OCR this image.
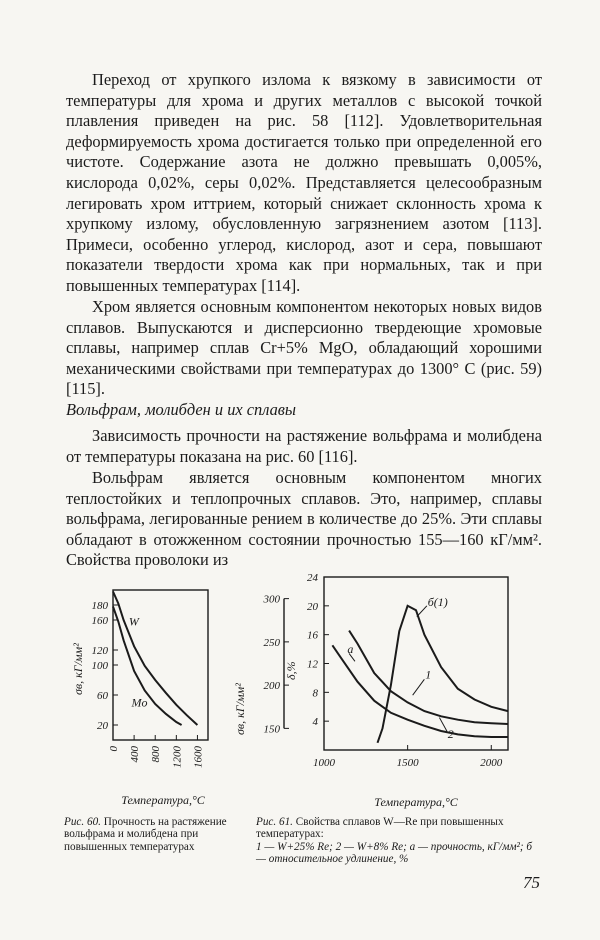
Переход от хрупкого излома к вязкому в зависимости от температуры для хрома и других металлов с высокой точкой плавления приведен на рис. 58 [112]. Удовлетворительная деформируемость хрома достигается только при определенной его чистоте. Содержание азота не должно превышать 0,005%, кислорода 0,02%, серы 0,02%. Представляется целесообразным легировать хром иттрием, который снижает склонность хрома к хрупкому излому, обусловленную загрязнением азотом [113]. Примеси, особенно углерод, кислород, азот и сера, повышают показатели твердости хрома как при нормальных, так и при повышенных температурах [114].

Хром является основным компонентом некоторых новых видов сплавов. Выпускаются и дисперсионно твердеющие хромовые сплавы, например сплав Cr+5% MgO, обладающий хорошими механическими свойствами при температурах до 1300° C (рис. 59) [115].

Вольфрам, молибден и их сплавы

Зависимость прочности на растяжение вольфрама и молибдена от температуры показана на рис. 60 [116].

Вольфрам является основным компонентом многих теплостойких и теплопрочных сплавов. Это, например, сплавы вольфрама, легированные рением в количестве до 25%. Эти сплавы обладают в отожженном состоянии прочностью 155—160 кГ/мм². Свойства проволоки из

20
60
100
120
160
180
0 400 800 1200 1600
W
Mo
σв, кГ/мм²
Температура,°C
4
8
12
16
20
24
150
200
250
300
1000	1500	2000
б(1)
а
1
2
σв, кГ/мм²
δ,%
Температура,°C

Рис. 60. Прочность на растяжение вольфрама и молибдена при повышенных температурах

Рис. 61. Свойства сплавов W—Re при повышенных температурах:
1 — W+25% Re; 2 — W+8% Re; а — прочность, кГ/мм²; б — относительное удлинение, %

75
